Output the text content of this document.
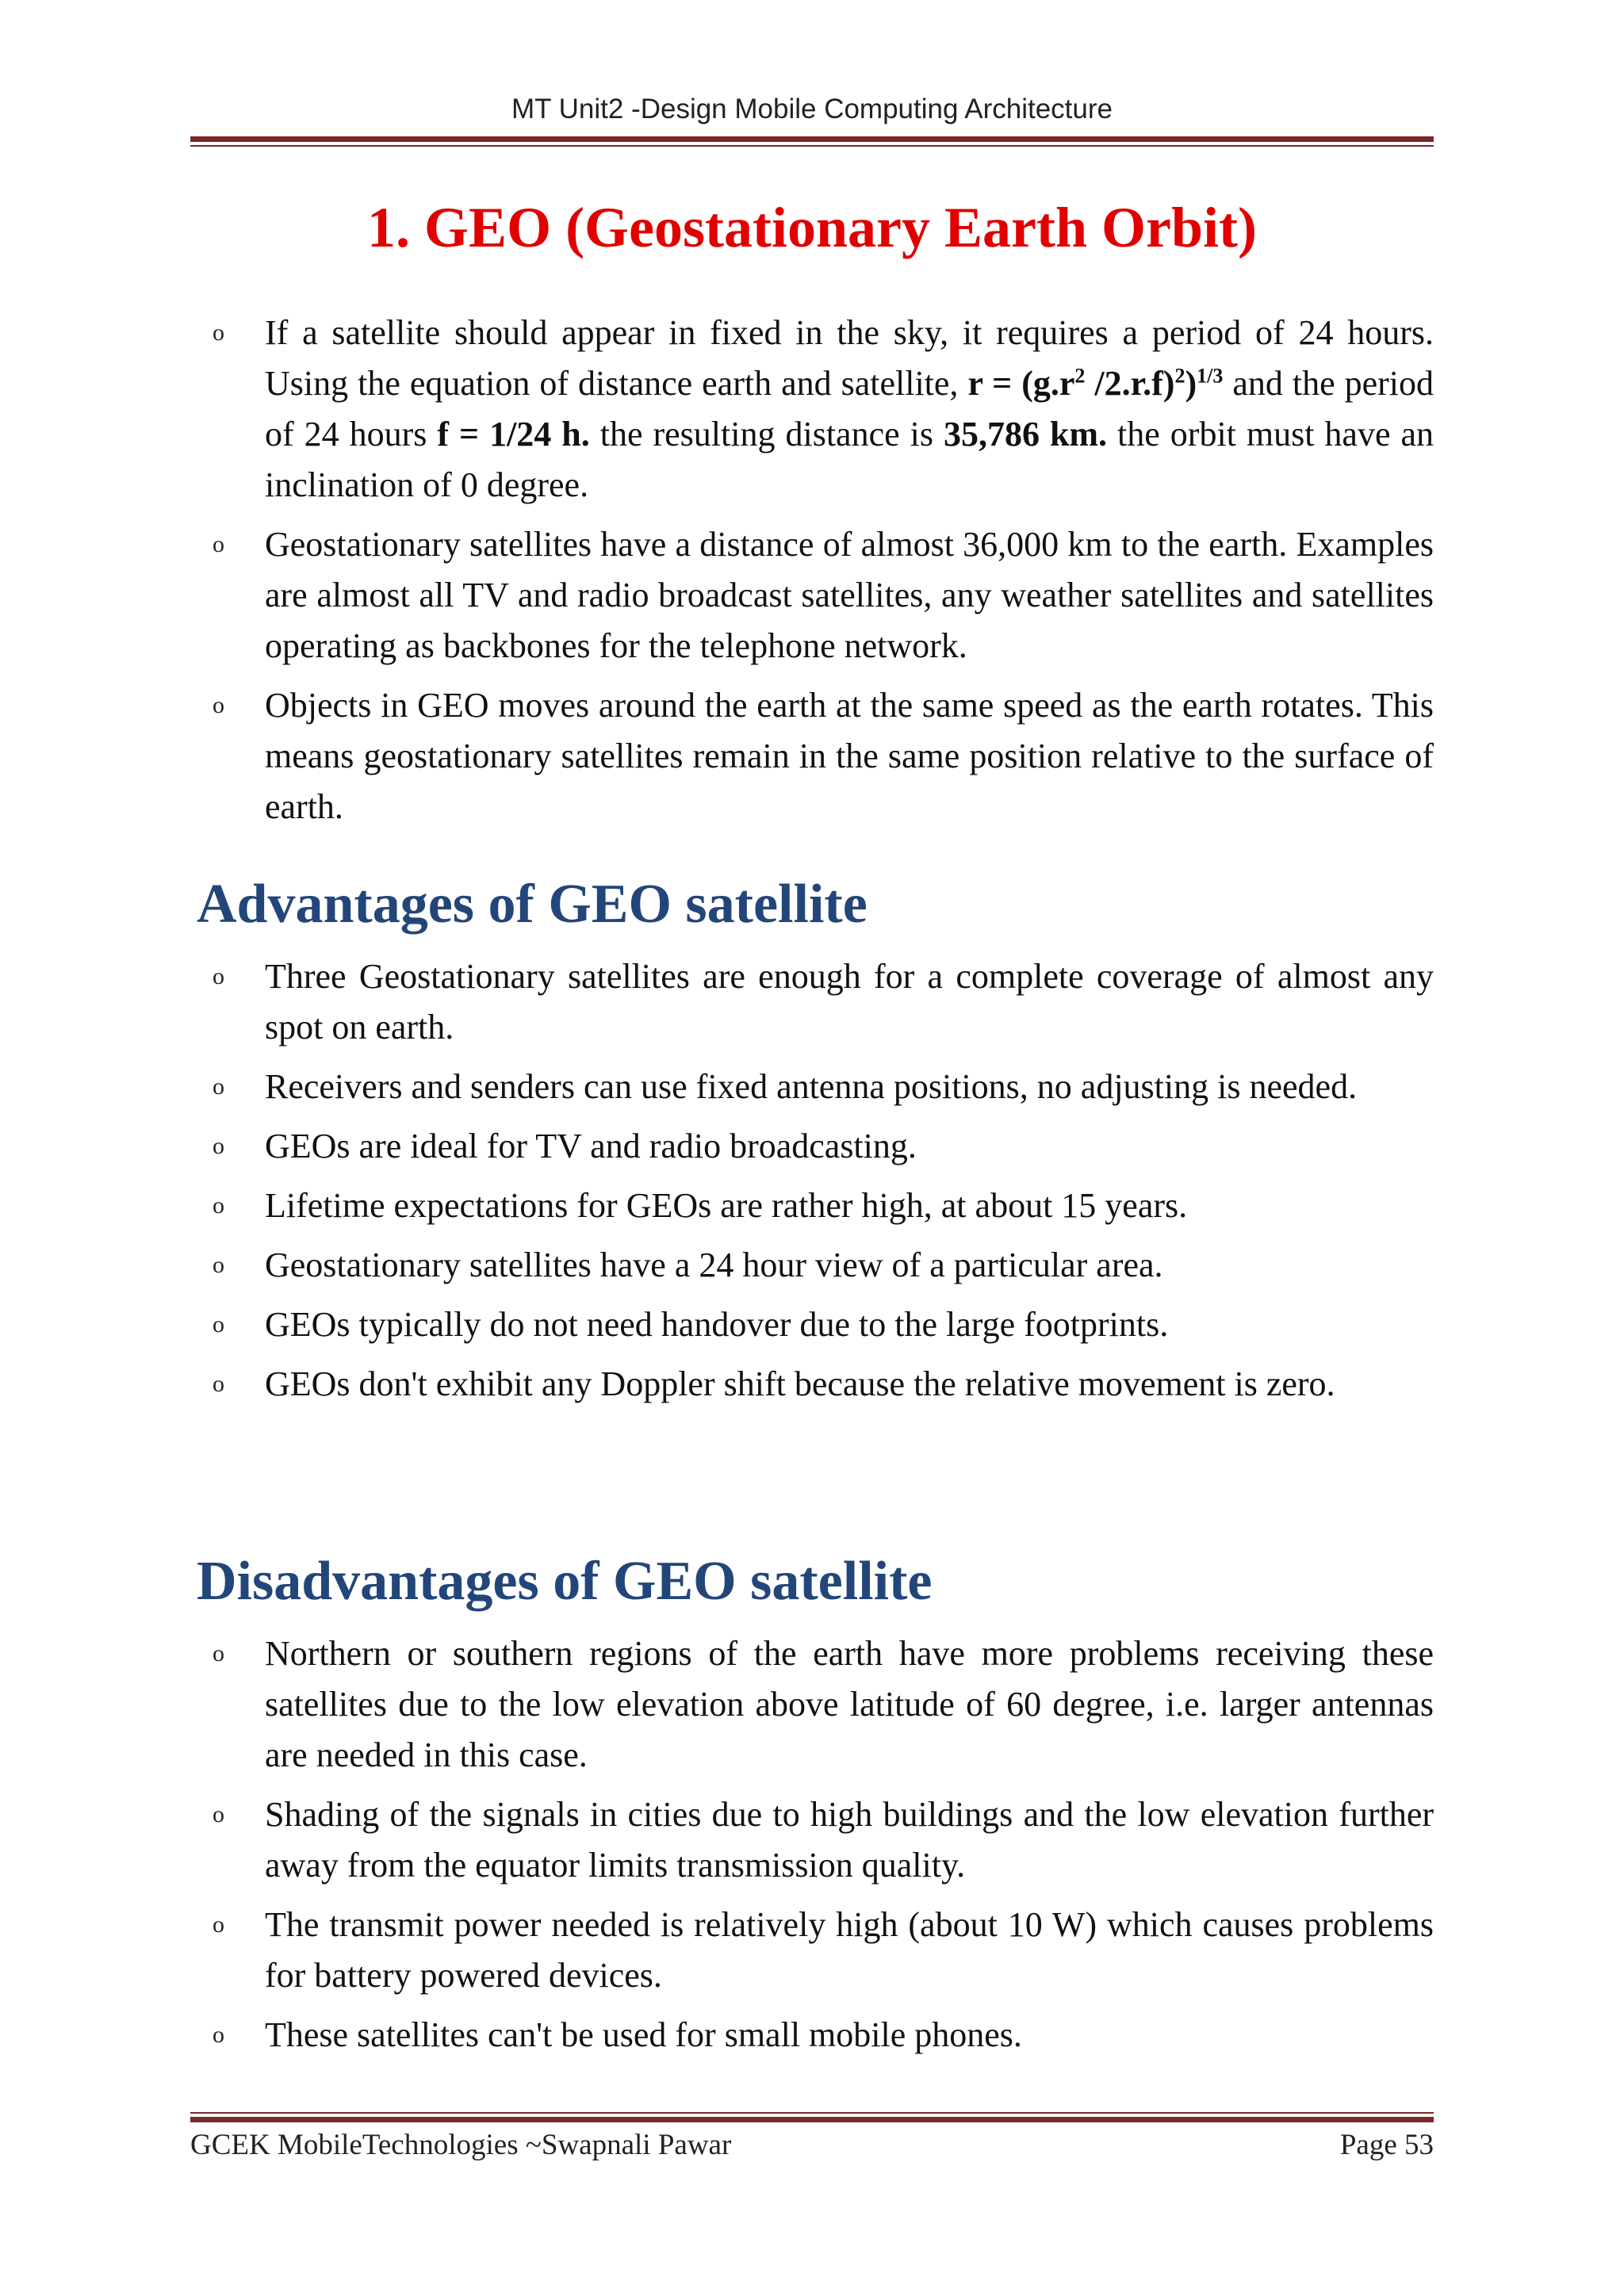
MT Unit2 -Design Mobile Computing Architecture
1. GEO (Geostationary Earth Orbit)
o If a satellite should appear in fixed in the sky, it requires a period of 24 hours. Using the equation of distance earth and satellite, $r = (g.r^2$ /2.r.f)$^2$)$^{1/3}$ and the period of 24 hours f = 1/24 h. the resulting distance is 35,786 km. the orbit must have an inclination of 0 degree.
o Geostationary satellites have a distance of almost 36,000 km to the earth. Examples are almost all TV and radio broadcast satellites, any weather satellites and satellites operating as backbones for the telephone network.
o Objects in GEO moves around the earth at the same speed as the earth rotates. This means geostationary satellites remain in the same position relative to the surface of earth.
Advantages of GEO satellite
o Three Geostationary satellites are enough for a complete coverage of almost any spot on earth.
o Receivers and senders can use fixed antenna positions, no adjusting is needed.
o GEOs are ideal for TV and radio broadcasting.
o Lifetime expectations for GEOs are rather high, at about 15 years.
o Geostationary satellites have a 24 hour view of a particular area.
o GEOs typically do not need handover due to the large footprints.
o GEOs don't exhibit any Doppler shift because the relative movement is zero.
Disadvantages of GEO satellite
o Northern or southern regions of the earth have more problems receiving these satellites due to the low elevation above latitude of 60 degree, i.e. larger antennas are needed in this case.
o Shading of the signals in cities due to high buildings and the low elevation further away from the equator limits transmission quality.
o The transmit power needed is relatively high (about 10 W) which causes problems for battery powered devices.
o These satellites can't be used for small mobile phones.
GCEK MobileTechnologies ~Swapnali Pawar	Page 53
